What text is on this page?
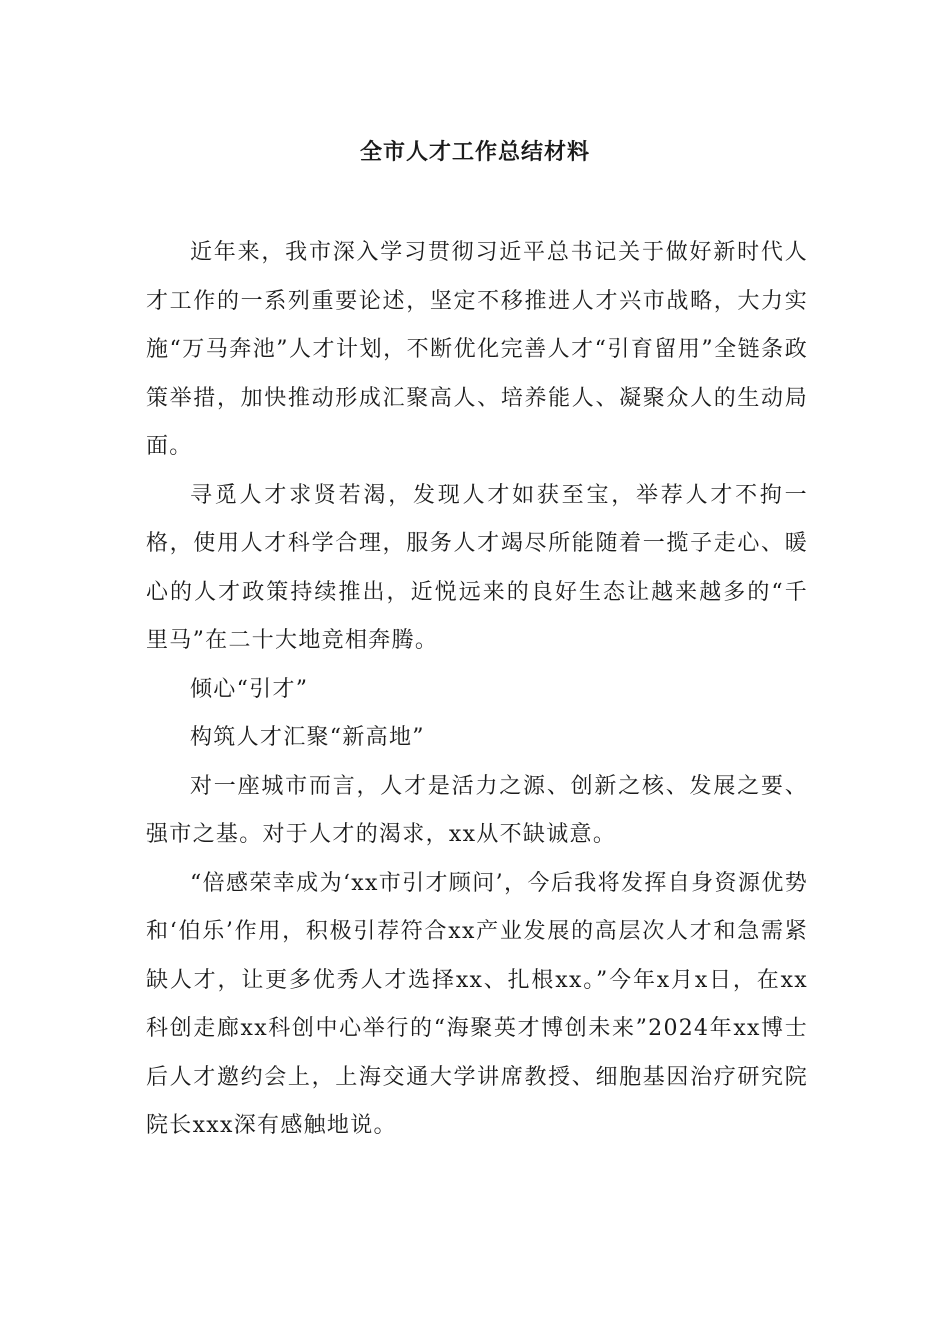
全市人才工作总结材料

近年来，我市深入学习贯彻习近平总书记关于做好新时代人才工作的一系列重要论述，坚定不移推进人才兴市战略，大力实施“万马奔池”人才计划，不断优化完善人才“引育留用”全链条政策举措，加快推动形成汇聚高人、培养能人、凝聚众人的生动局面。

寻觅人才求贤若渴，发现人才如获至宝，举荐人才不拘一格，使用人才科学合理，服务人才竭尽所能随着一揽子走心、暖心的人才政策持续推出，近悦远来的良好生态让越来越多的“千里马”在二十大地竞相奔腾。

倾心“引才”

构筑人才汇聚“新高地”

对一座城市而言，人才是活力之源、创新之核、发展之要、强市之基。对于人才的渴求，xx从不缺诚意。

“倍感荣幸成为‘xx市引才顾问’，今后我将发挥自身资源优势和‘伯乐’作用，积极引荐符合xx产业发展的高层次人才和急需紧缺人才，让更多优秀人才选择xx、扎根xx。”今年x月x日，在xx科创走廊xx科创中心举行的“海聚英才博创未来”2024年xx博士后人才邀约会上，上海交通大学讲席教授、细胞基因治疗研究院院长xxx深有感触地说。
